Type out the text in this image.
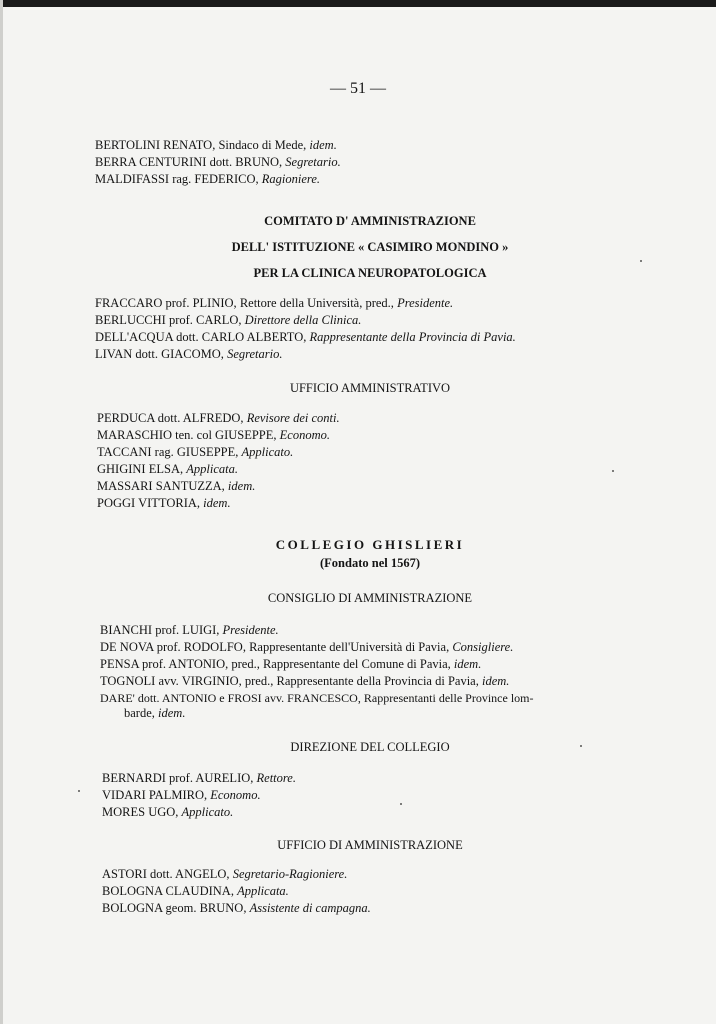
— 51 —
BERTOLINI RENATO, Sindaco di Mede, idem.
BERRA CENTURINI dott. BRUNO, Segretario.
MALDIFASSI rag. FEDERICO, Ragioniere.
COMITATO D' AMMINISTRAZIONE
DELL' ISTITUZIONE « CASIMIRO MONDINO »
PER LA CLINICA NEUROPATOLOGICA
FRACCARO prof. PLINIO, Rettore della Università, pred., Presidente.
BERLUCCHI prof. CARLO, Direttore della Clinica.
DELL'ACQUA dott. CARLO ALBERTO, Rappresentante della Provincia di Pavia.
LIVAN dott. GIACOMO, Segretario.
UFFICIO AMMINISTRATIVO
PERDUCA dott. ALFREDO, Revisore dei conti.
MARASCHIO ten. col GIUSEPPE, Economo.
TACCANI rag. GIUSEPPE, Applicato.
GHIGINI ELSA, Applicata.
MASSARI SANTUZZA, idem.
POGGI VITTORIA, idem.
COLLEGIO GHISLIERI
(Fondato nel 1567)
CONSIGLIO DI AMMINISTRAZIONE
BIANCHI prof. LUIGI, Presidente.
DE NOVA prof. RODOLFO, Rappresentante dell'Università di Pavia, Consigliere.
PENSA prof. ANTONIO, pred., Rappresentante del Comune di Pavia, idem.
TOGNOLI avv. VIRGINIO, pred., Rappresentante della Provincia di Pavia, idem.
DARE' dott. ANTONIO e FROSI avv. FRANCESCO, Rappresentanti delle Province lom-
barde, idem.
DIREZIONE DEL COLLEGIO
BERNARDI prof. AURELIO, Rettore.
VIDARI PALMIRO, Economo.
MORES UGO, Applicato.
UFFICIO DI AMMINISTRAZIONE
ASTORI dott. ANGELO, Segretario-Ragioniere.
BOLOGNA CLAUDINA, Applicata.
BOLOGNA geom. BRUNO, Assistente di campagna.
